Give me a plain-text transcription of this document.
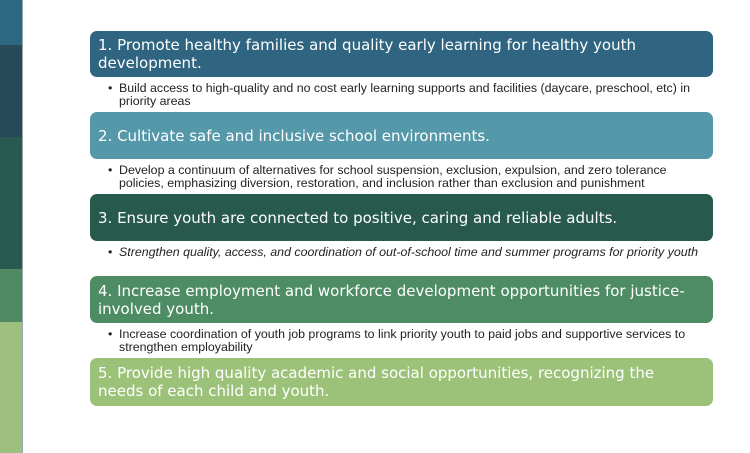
1. Promote healthy families and quality early learning for healthy youth development.
• Build access to high-quality and no cost early learning supports and facilities (daycare, preschool, etc) in priority areas
2. Cultivate safe and inclusive school environments.
• Develop a continuum of alternatives for school suspension, exclusion, expulsion, and zero tolerance policies, emphasizing diversion, restoration, and inclusion rather than exclusion and punishment
3. Ensure youth are connected to positive, caring and reliable adults.
• Strengthen quality, access, and coordination of out-of-school time and summer programs for priority youth
4. Increase employment and workforce development opportunities for justice-involved youth.
• Increase coordination of youth job programs to link priority youth to paid jobs and supportive services to strengthen employability
5. Provide high quality academic and social opportunities, recognizing the needs of each child and youth.
